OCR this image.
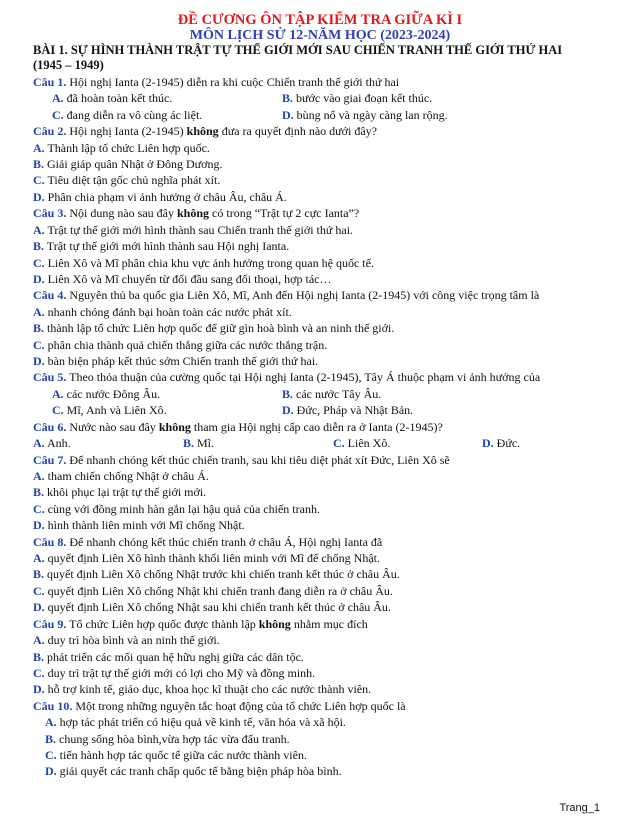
ĐỀ CƯƠNG ÔN TẬP KIỂM TRA GIỮA KÌ I
MÔN LỊCH SỬ 12-NĂM HỌC (2023-2024)
BÀI 1. SỰ HÌNH THÀNH TRẬT TỰ THẾ GIỚI MỚI SAU CHIẾN TRANH THẾ GIỚI THỨ HAI
(1945 – 1949)
Câu 1. Hội nghị Ianta (2-1945) diễn ra khi cuộc Chiến tranh thế giới thứ hai
A. đã hoàn toàn kết thúc.	B. bước vào giai đoạn kết thúc.
C. đang diễn ra vô cùng ác liệt.	D. bùng nổ và ngày càng lan rộng.
Câu 2. Hội nghị Ianta (2-1945) không đưa ra quyết định nào dưới đây?
A. Thành lập tổ chức Liên hợp quốc.
B. Giải giáp quân Nhật ở Đông Dương.
C. Tiêu diệt tận gốc chủ nghĩa phát xít.
D. Phân chia phạm vi ảnh hưởng ở châu Âu, châu Á.
Câu 3. Nội dung nào sau đây không có trong “Trật tự 2 cực Ianta”?
A. Trật tự thế giới mới hình thành sau Chiến tranh thế giới thứ hai.
B. Trật tự thế giới mới hình thành sau Hội nghị Ianta.
C. Liên Xô và Mĩ phân chia khu vực ảnh hưởng trong quan hệ quốc tế.
D. Liên Xô và Mĩ chuyển từ đối đầu sang đối thoại, hợp tác…
Câu 4. Nguyên thủ ba quốc gia Liên Xô, Mĩ, Anh đến Hội nghị Ianta (2-1945) với công việc trọng tâm là
A. nhanh chóng đánh bại hoàn toàn các nước phát xít.
B. thành lập tổ chức Liên hợp quốc để giữ gìn hoà bình và an ninh thế giới.
C. phân chia thành quả chiến thắng giữa các nước thắng trận.
D. bàn biện pháp kết thúc sớm Chiến tranh thế giới thứ hai.
Câu 5. Theo thỏa thuận của cường quốc tại Hội nghị Ianta (2-1945), Tây Á thuộc phạm vi ảnh hưởng của
A. các nước Đông Âu.	B. các nước Tây Âu.
C. Mĩ, Anh và Liên Xô.	D. Đức, Pháp và Nhật Bản.
Câu 6. Nước nào sau đây không tham gia Hội nghị cấp cao diễn ra ở Ianta (2-1945)?
A. Anh.	B. Mĩ.	C. Liên Xô.	D. Đức.
Câu 7. Để nhanh chóng kết thúc chiến tranh, sau khi tiêu diệt phát xít Đức, Liên Xô sẽ
A. tham chiến chống Nhật ở châu Á.
B. khôi phục lại trật tự thế giới mới.
C. cùng với đồng minh hàn gắn lại hậu quả của chiến tranh.
D. hình thành liên minh với Mĩ chống Nhật.
Câu 8. Để nhanh chóng kết thúc chiến tranh ở châu Á, Hội nghị Ianta đã
A. quyết định Liên Xô hình thành khối liên minh với Mĩ để chống Nhật.
B. quyết định Liên Xô chống Nhật trước khi chiến tranh kết thúc ở châu Âu.
C. quyết định Liên Xô chống Nhật khi chiến tranh đang diễn ra ở châu Âu.
D. quyết định Liên Xô chống Nhật sau khi chiến tranh kết thúc ở châu Âu.
Câu 9. Tổ chức Liên hợp quốc được thành lập không nhằm mục đích
A. duy trì hòa bình và an ninh thế giới.
B. phát triển các mối quan hệ hữu nghị giữa các dân tộc.
C. duy trì trật tự thế giới mới có lợi cho Mỹ và đồng minh.
D. hỗ trợ kinh tế, giáo dục, khoa học kĩ thuật cho các nước thành viên.
Câu 10. Một trong những nguyên tắc hoạt động của tổ chức Liên hợp quốc là
A. hợp tác phát triển có hiệu quả về kinh tế, văn hóa và xã hội.
B. chung sống hòa bình,vừa hợp tác vừa đấu tranh.
C. tiến hành hợp tác quốc tế giữa các nước thành viên.
D. giải quyết các tranh chấp quốc tế bằng biện pháp hòa bình.
Trang_1
